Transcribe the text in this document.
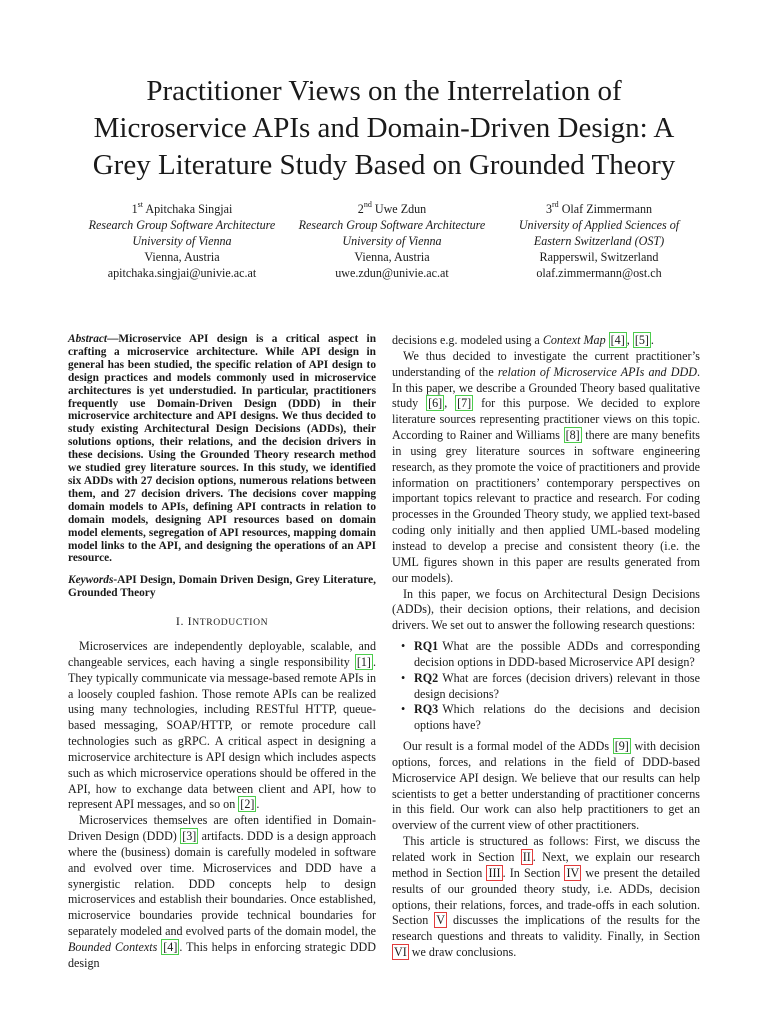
Practitioner Views on the Interrelation of
Microservice APIs and Domain-Driven Design: A
Grey Literature Study Based on Grounded Theory
1st Apitchaka Singjai
Research Group Software Architecture
University of Vienna
Vienna, Austria
apitchaka.singjai@univie.ac.at
2nd Uwe Zdun
Research Group Software Architecture
University of Vienna
Vienna, Austria
uwe.zdun@univie.ac.at
3rd Olaf Zimmermann
University of Applied Sciences of
Eastern Switzerland (OST)
Rapperswil, Switzerland
olaf.zimmermann@ost.ch

Abstract—Microservice API design is a critical aspect in crafting a microservice architecture. While API design in general has been studied, the specific relation of API design to design practices and models commonly used in microservice architectures is yet understudied. In particular, practitioners frequently use Domain-Driven Design (DDD) in their microservice architecture and API designs. We thus decided to study existing Architectural Design Decisions (ADDs), their solutions options, their relations, and the decision drivers in these decisions. Using the Grounded Theory research method we studied grey literature sources. In this study, we identified six ADDs with 27 decision options, numerous relations between them, and 27 decision drivers. The decisions cover mapping domain models to APIs, defining API contracts in relation to domain models, designing API resources based on domain model elements, segregation of API resources, mapping domain model links to the API, and designing the operations of an API resource.

Keywords-API Design, Domain Driven Design, Grey Literature, Grounded Theory

I. INTRODUCTION

Microservices are independently deployable, scalable, and changeable services, each having a single responsibility [1] . They typically communicate via message-based remote APIs in a loosely coupled fashion. Those remote APIs can be realized using many technologies, including RESTful HTTP, queue-based messaging, SOAP/HTTP, or remote procedure call technologies such as gRPC. A critical aspect in designing a microservice architecture is API design which includes aspects such as which microservice operations should be offered in the API, how to exchange data between client and API, how to represent API messages, and so on [2] .

Microservices themselves are often identified in Domain-Driven Design (DDD) [3] artifacts. DDD is a design approach where the (business) domain is carefully modeled in software and evolved over time. Microservices and DDD have a synergistic relation. DDD concepts help to design microservices and establish their boundaries. Once established, microservice boundaries provide technical boundaries for separately modeled and evolved parts of the domain model, the Bounded Contexts [4] . This helps in enforcing strategic DDD design

decisions e.g. modeled using a Context Map [4] , [5] .

We thus decided to investigate the current practitioner’s understanding of the relation of Microservice APIs and DDD. In this paper, we describe a Grounded Theory based qualitative study [6] , [7] for this purpose. We decided to explore literature sources representing practitioner views on this topic. According to Rainer and Williams [8] there are many benefits in using grey literature sources in software engineering research, as they promote the voice of practitioners and provide information on practitioners’ contemporary perspectives on important topics relevant to practice and research. For coding processes in the Grounded Theory study, we applied text-based coding only initially and then applied UML-based modeling instead to develop a precise and consistent theory (i.e. the UML figures shown in this paper are results generated from our models).

In this paper, we focus on Architectural Design Decisions (ADDs), their decision options, their relations, and decision drivers. We set out to answer the following research questions:

• RQ1 What are the possible ADDs and corresponding decision options in DDD-based Microservice API design?
• RQ2 What are forces (decision drivers) relevant in those design decisions?
• RQ3 Which relations do the decisions and decision options have?

Our result is a formal model of the ADDs [9] with decision options, forces, and relations in the field of DDD-based Microservice API design. We believe that our results can help scientists to get a better understanding of practitioner concerns in this field. Our work can also help practitioners to get an overview of the current view of other practitioners.

This article is structured as follows: First, we discuss the related work in Section II . Next, we explain our research method in Section III . In Section IV we present the detailed results of our grounded theory study, i.e. ADDs, decision options, their relations, forces, and trade-offs in each solution. Section V discusses the implications of the results for the research questions and threats to validity. Finally, in Section VI we draw conclusions.
